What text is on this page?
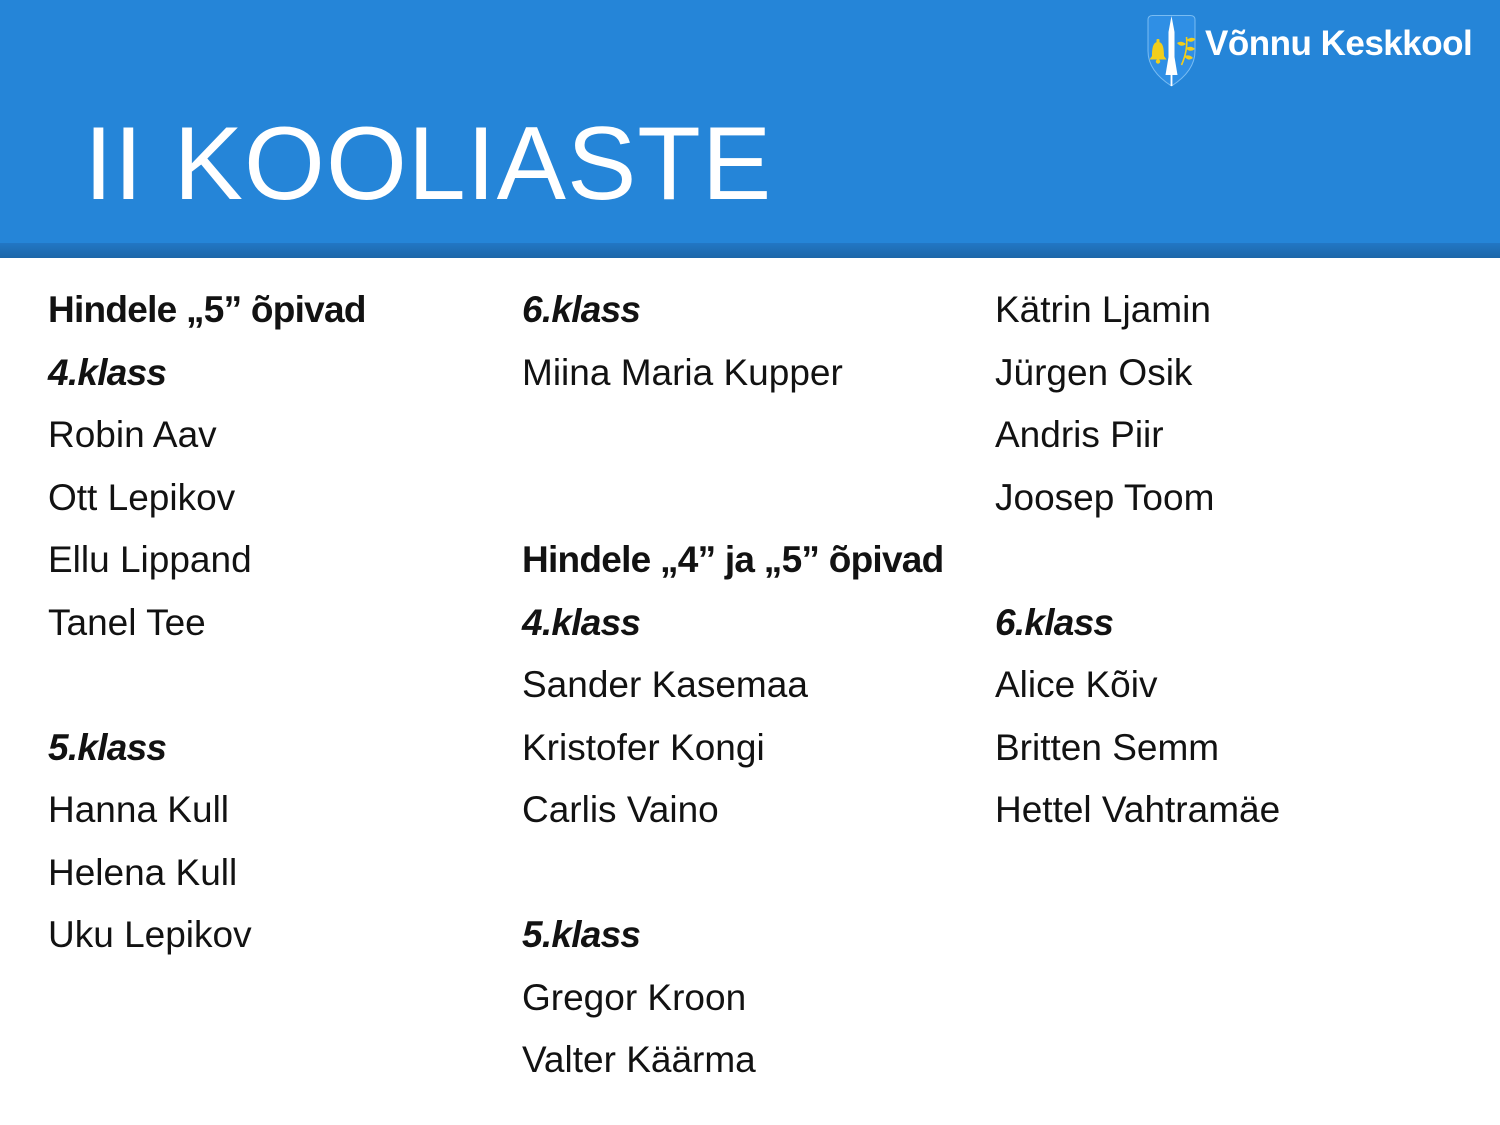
II KOOLIASTE
Võnnu Keskkool
Hindele „5” õpivad
4.klass
Robin Aav
Ott Lepikov
Ellu Lippand
Tanel Tee
5.klass
Hanna Kull
Helena Kull
Uku Lepikov
6.klass
Miina Maria Kupper
Hindele „4” ja „5” õpivad
4.klass
Sander Kasemaa
Kristofer Kongi
Carlis Vaino
5.klass
Gregor Kroon
Valter Käärma
Kätrin Ljamin
Jürgen Osik
Andris Piir
Joosep Toom
6.klass
Alice Kõiv
Britten Semm
Hettel Vahtramäe
